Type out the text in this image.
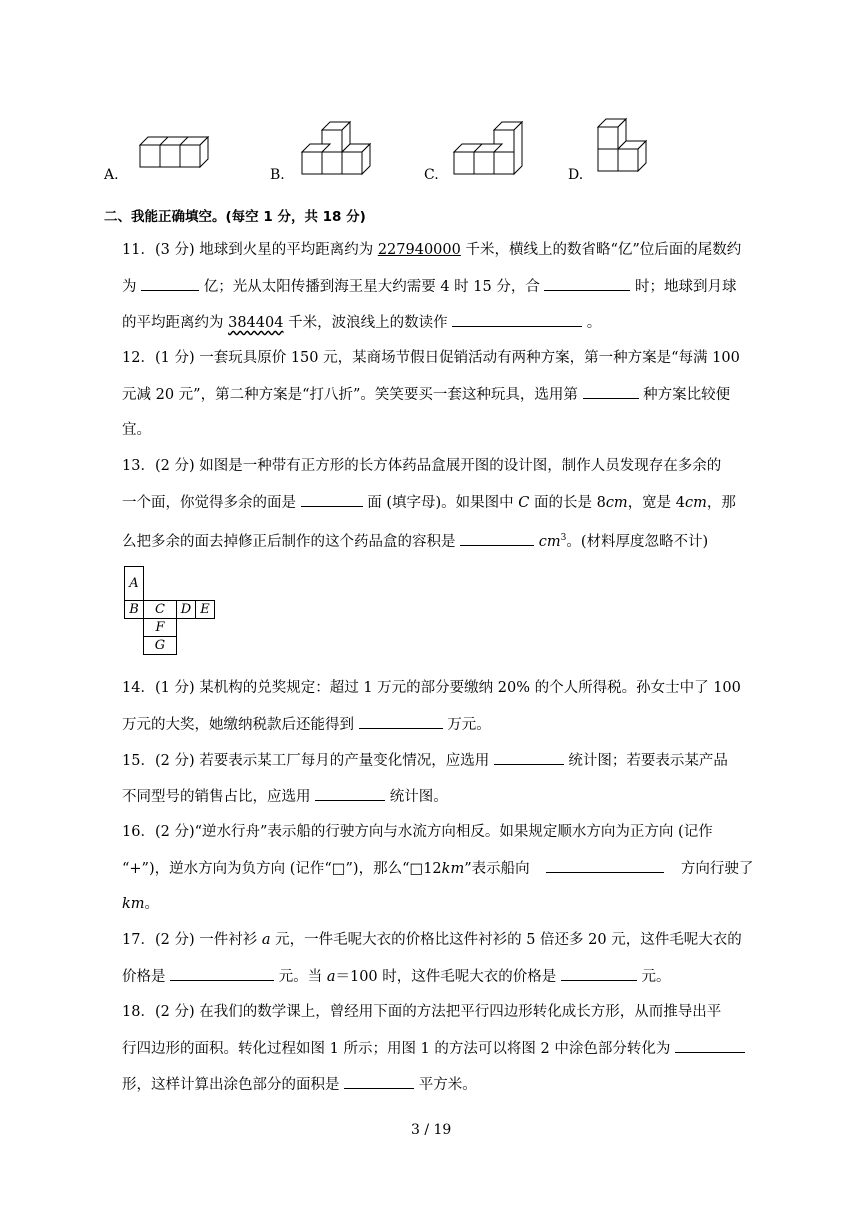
A.	B.	C.	D.
二、我能正确填空。(每空 1 分，共 18 分)
11．(3 分) 地球到火星的平均距离约为 227940000 千米，横线上的数省略“亿”位后面的尾数约
为	亿；光从太阳传播到海王星大约需要 4 时 15 分，合	时；地球到月球
的平均距离约为 384404 千米，波浪线上的数读作	。
12．(1 分) 一套玩具原价 150 元，某商场节假日促销活动有两种方案，第一种方案是“每满 100
元减 20 元”，第二种方案是“打八折”。笑笑要买一套这种玩具，选用第	种方案比较便
宜。
13．(2 分) 如图是一种带有正方形的长方体药品盒展开图的设计图，制作人员发现存在多余的
一个面，你觉得多余的面是	面 (填字母)。如果图中 C 面的长是 8cm，宽是 4cm，那
么把多余的面去掉修正后制作的这个药品盒的容积是	$cm^3$。(材料厚度忽略不计)
A			
B	C	D	E
	F		
	G		
14．(1 分) 某机构的兑奖规定：超过 1 万元的部分要缴纳 20% 的个人所得税。孙女士中了 100
万元的大奖，她缴纳税款后还能得到	万元。
15．(2 分) 若要表示某工厂每月的产量变化情况，应选用	统计图；若要表示某产品
不同型号的销售占比，应选用	统计图。
16．(2 分)“逆水行舟”表示船的行驶方向与水流方向相反。如果规定顺水方向为正方向 (记作
“+”)，逆水方向为负方向 (记作“□”)，那么“□12km”表示船向	方向行驶了
km。
17．(2 分) 一件衬衫 a 元，一件毛呢大衣的价格比这件衬衫的 5 倍还多 20 元，这件毛呢大衣的
价格是	元。当 a＝100 时，这件毛呢大衣的价格是	元。
18．(2 分) 在我们的数学课上，曾经用下面的方法把平行四边形转化成长方形，从而推导出平
行四边形的面积。转化过程如图 1 所示；用图 1 的方法可以将图 2 中涂色部分转化为
形，这样计算出涂色部分的面积是	平方米。
3 / 19
